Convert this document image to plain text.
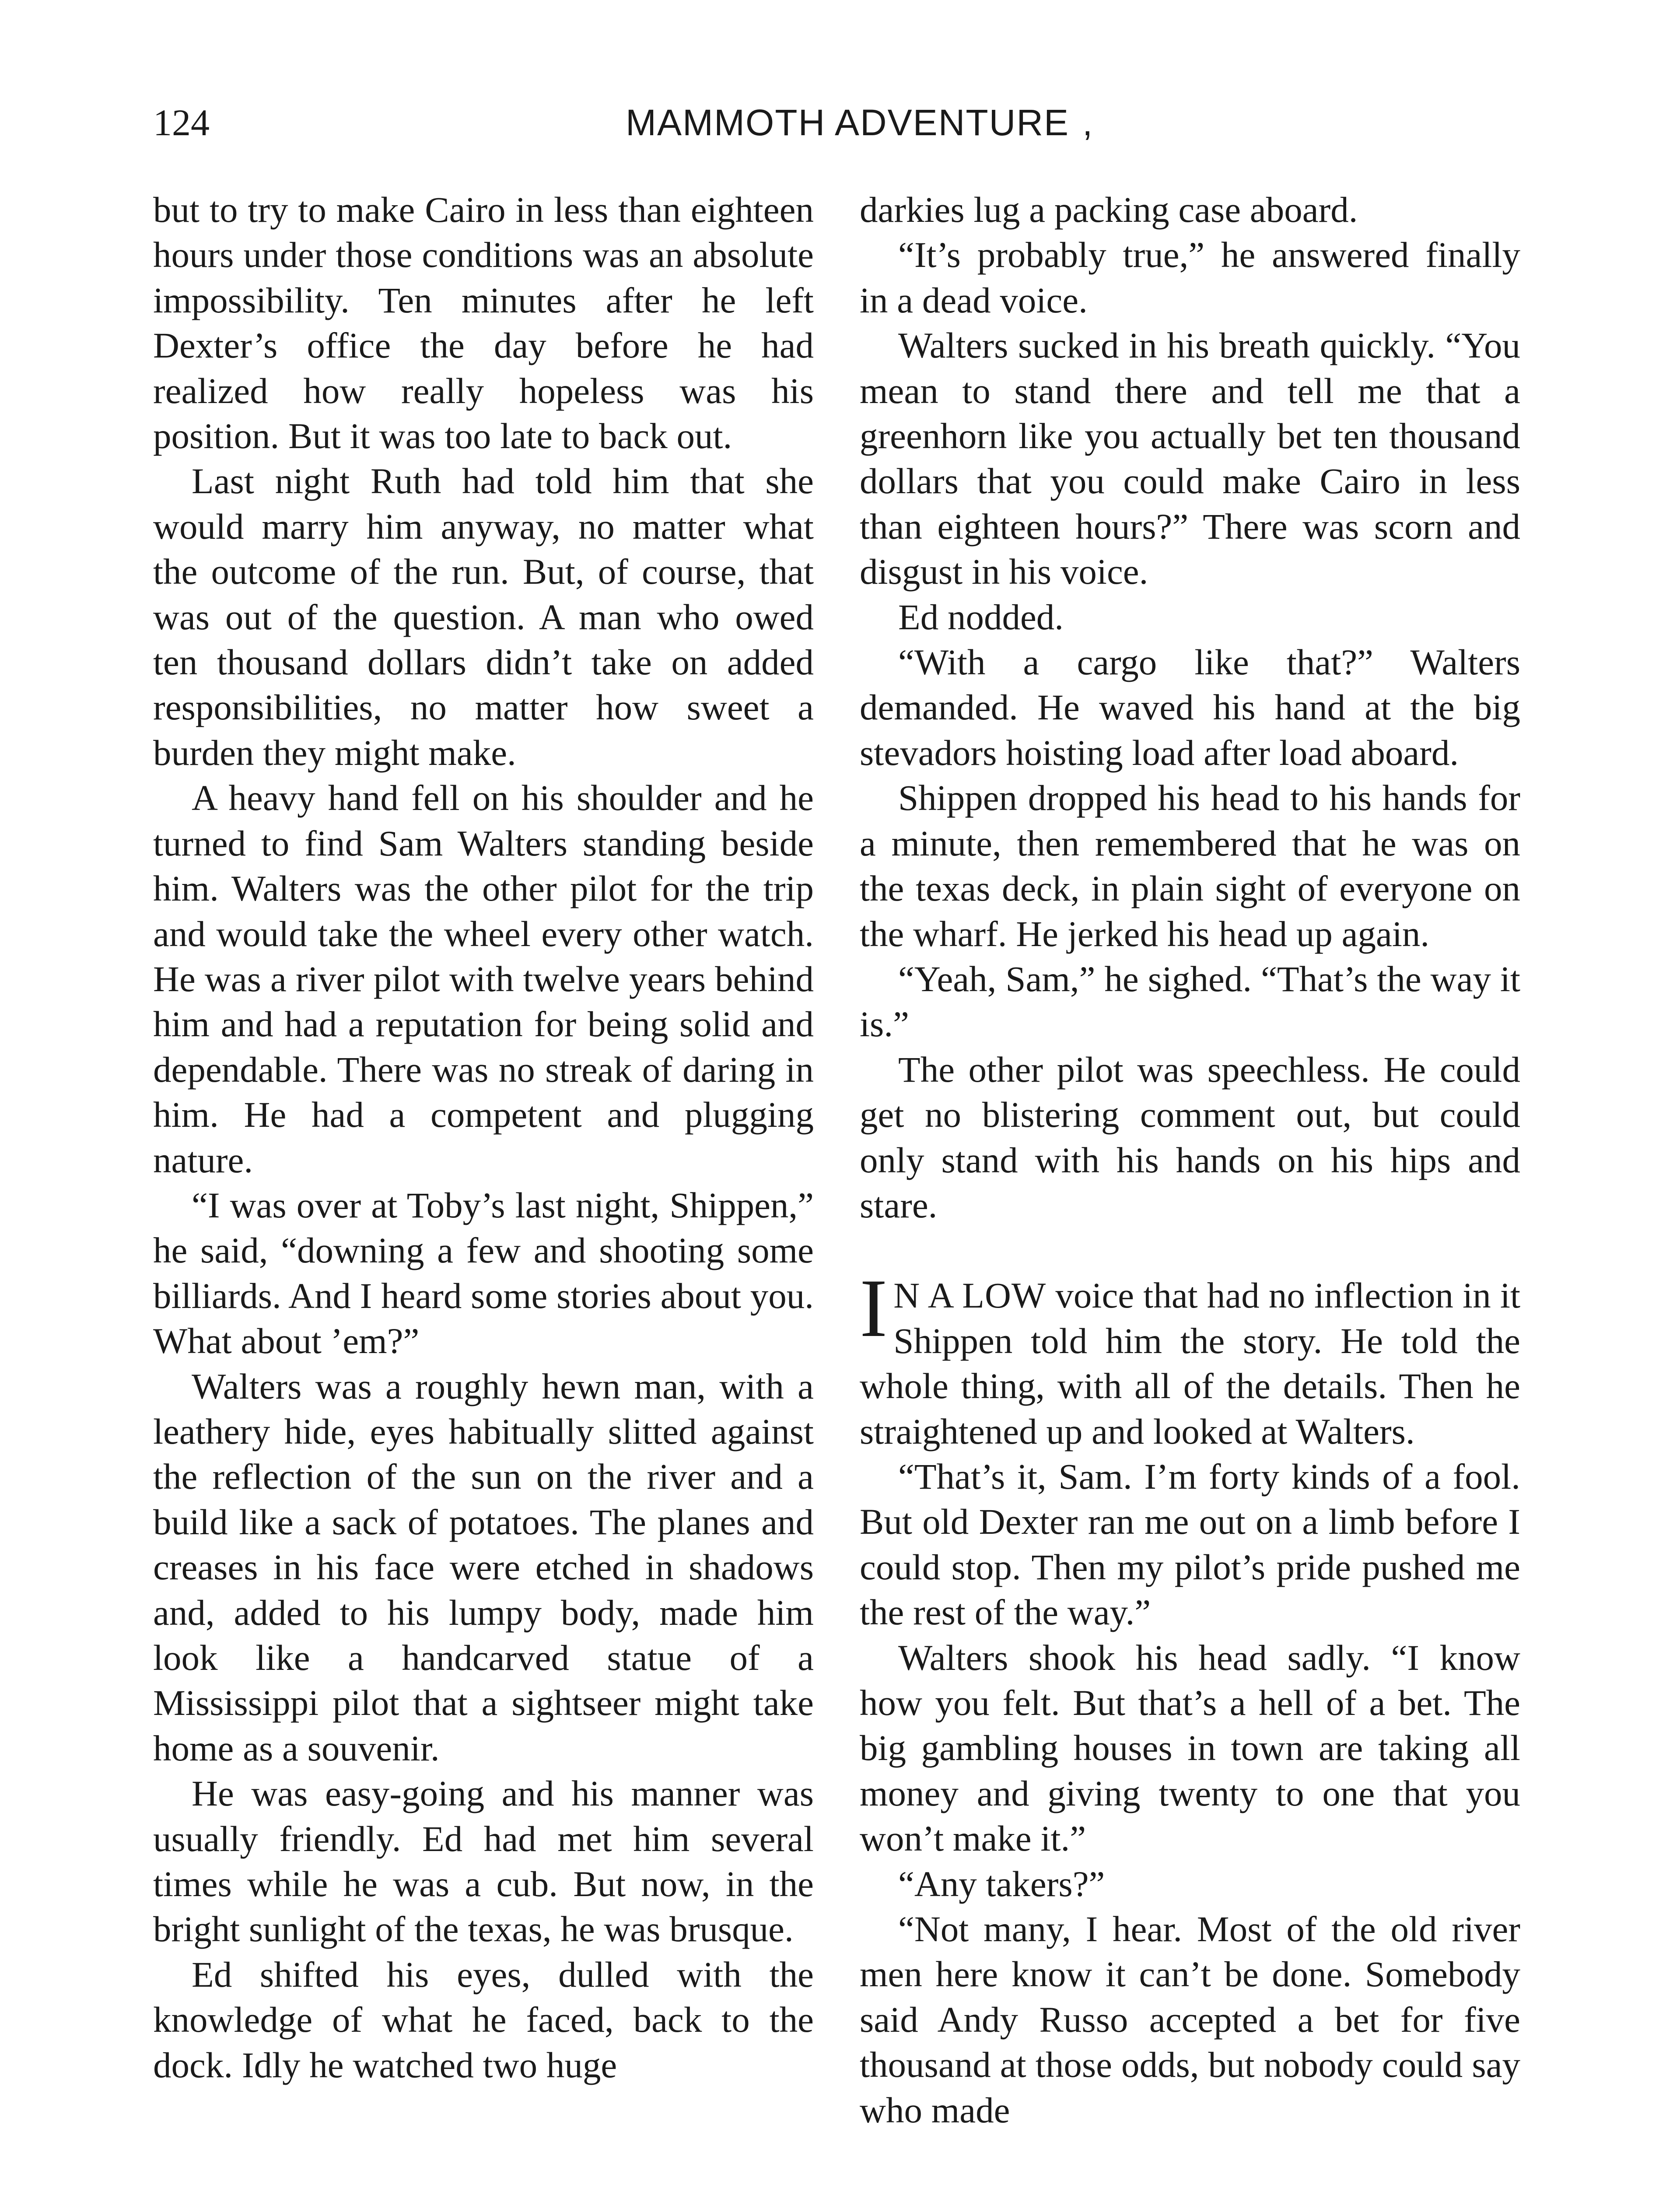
124	MAMMOTH ADVENTURE ,

but to try to make Cairo in less than eighteen hours under those conditions was an absolute impossibility. Ten minutes after he left Dexter’s office the day before he had realized how really hopeless was his position. But it was too late to back out.

Last night Ruth had told him that she would marry him anyway, no matter what the outcome of the run. But, of course, that was out of the question. A man who owed ten thousand dollars didn’t take on added responsibilities, no matter how sweet a burden they might make.

A heavy hand fell on his shoulder and he turned to find Sam Walters standing beside him. Walters was the other pilot for the trip and would take the wheel every other watch. He was a river pilot with twelve years behind him and had a reputation for being solid and dependable. There was no streak of daring in him. He had a competent and plugging nature.

“I was over at Toby’s last night, Shippen,” he said, “downing a few and shooting some billiards. And I heard some stories about you. What about ’em?”

Walters was a roughly hewn man, with a leathery hide, eyes habitually slitted against the reflection of the sun on the river and a build like a sack of potatoes. The planes and creases in his face were etched in shadows and, added to his lumpy body, made him look like a handcarved statue of a Mississippi pilot that a sightseer might take home as a souvenir.

He was easy-going and his manner was usually friendly. Ed had met him several times while he was a cub. But now, in the bright sunlight of the texas, he was brusque.

Ed shifted his eyes, dulled with the knowledge of what he faced, back to the dock. Idly he watched two huge

darkies lug a packing case aboard.

“It’s probably true,” he answered finally in a dead voice.

Walters sucked in his breath quickly. “You mean to stand there and tell me that a greenhorn like you actually bet ten thousand dollars that you could make Cairo in less than eighteen hours?” There was scorn and disgust in his voice.

Ed nodded.

“With a cargo like that?” Walters demanded. He waved his hand at the big stevadors hoisting load after load aboard.

Shippen dropped his head to his hands for a minute, then remembered that he was on the texas deck, in plain sight of everyone on the wharf. He jerked his head up again.

“Yeah, Sam,” he sighed. “That’s the way it is.”

The other pilot was speechless. He could get no blistering comment out, but could only stand with his hands on his hips and stare.

I N A LOW voice that had no inflection in it Shippen told him the story. He told the whole thing, with all of the details. Then he straightened up and looked at Walters.

“That’s it, Sam. I’m forty kinds of a fool. But old Dexter ran me out on a limb before I could stop. Then my pilot’s pride pushed me the rest of the way.”

Walters shook his head sadly. “I know how you felt. But that’s a hell of a bet. The big gambling houses in town are taking all money and giving twenty to one that you won’t make it.”

“Any takers?”

“Not many, I hear. Most of the old river men here know it can’t be done. Somebody said Andy Russo accepted a bet for five thousand at those odds, but nobody could say who made
